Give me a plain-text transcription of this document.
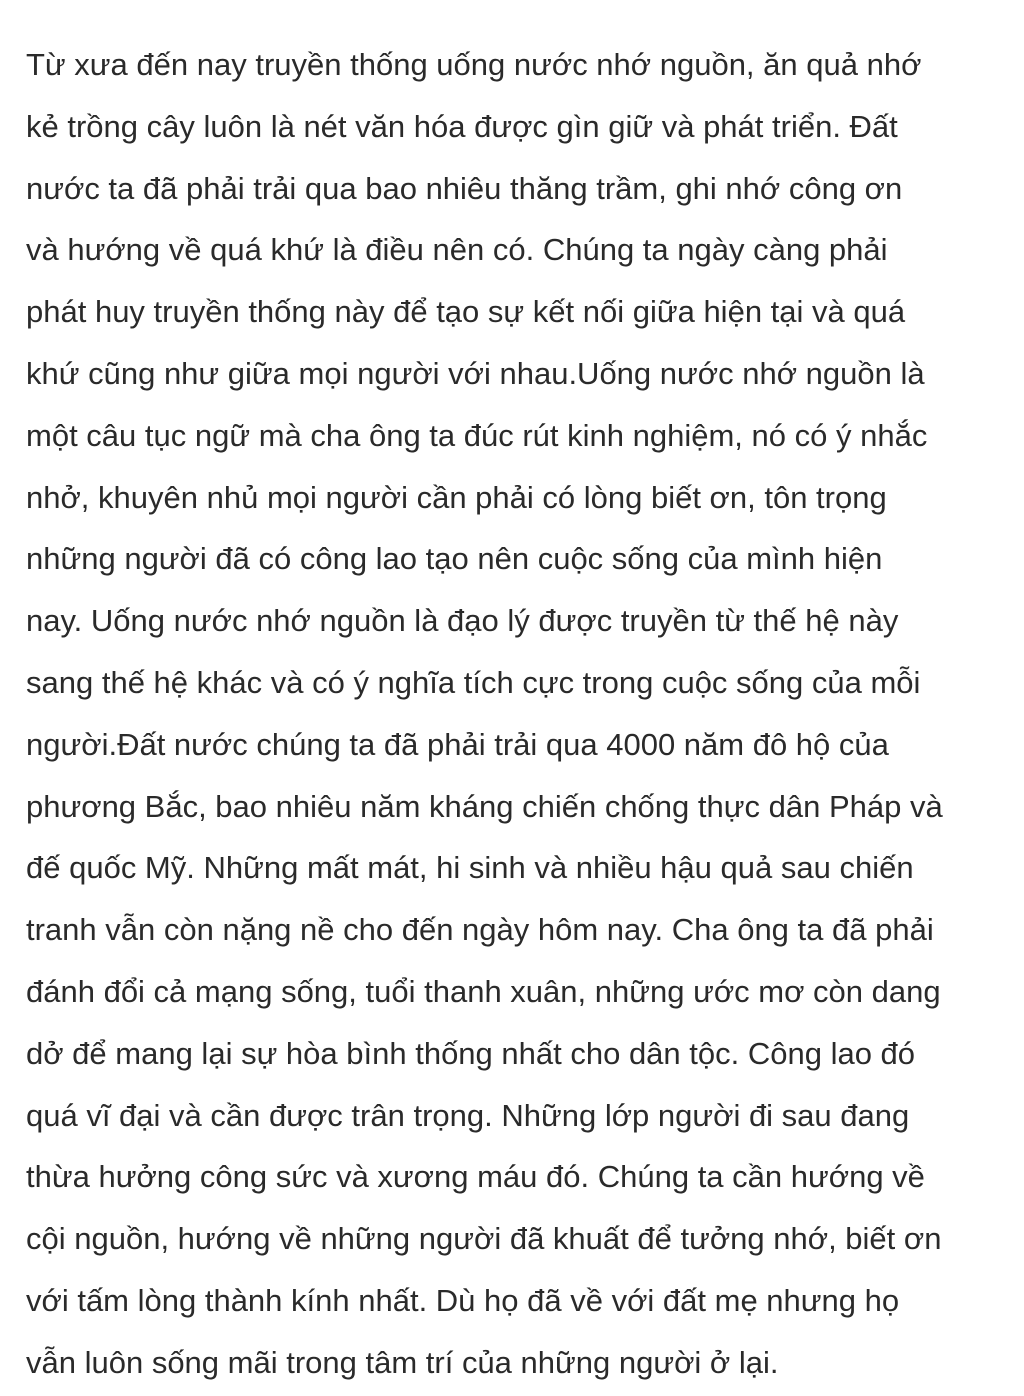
Từ xưa đến nay truyền thống uống nước nhớ nguồn, ăn quả nhớ
kẻ trồng cây luôn là nét văn hóa được gìn giữ và phát triển. Đất
nước ta đã phải trải qua bao nhiêu thăng trầm, ghi nhớ công ơn
và hướng về quá khứ là điều nên có. Chúng ta ngày càng phải
phát huy truyền thống này để tạo sự kết nối giữa hiện tại và quá
khứ cũng như giữa mọi người với nhau.Uống nước nhớ nguồn là
một câu tục ngữ mà cha ông ta đúc rút kinh nghiệm, nó có ý nhắc
nhở, khuyên nhủ mọi người cần phải có lòng biết ơn, tôn trọng
những người đã có công lao tạo nên cuộc sống của mình hiện
nay. Uống nước nhớ nguồn là đạo lý được truyền từ thế hệ này
sang thế hệ khác và có ý nghĩa tích cực trong cuộc sống của mỗi
người.Đất nước chúng ta đã phải trải qua 4000 năm đô hộ của
phương Bắc, bao nhiêu năm kháng chiến chống thực dân Pháp và
đế quốc Mỹ. Những mất mát, hi sinh và nhiều hậu quả sau chiến
tranh vẫn còn nặng nề cho đến ngày hôm nay. Cha ông ta đã phải
đánh đổi cả mạng sống, tuổi thanh xuân, những ước mơ còn dang
dở để mang lại sự hòa bình thống nhất cho dân tộc. Công lao đó
quá vĩ đại và cần được trân trọng. Những lớp người đi sau đang
thừa hưởng công sức và xương máu đó. Chúng ta cần hướng về
cội nguồn, hướng về những người đã khuất để tưởng nhớ, biết ơn
với tấm lòng thành kính nhất. Dù họ đã về với đất mẹ nhưng họ
vẫn luôn sống mãi trong tâm trí của những người ở lại.
